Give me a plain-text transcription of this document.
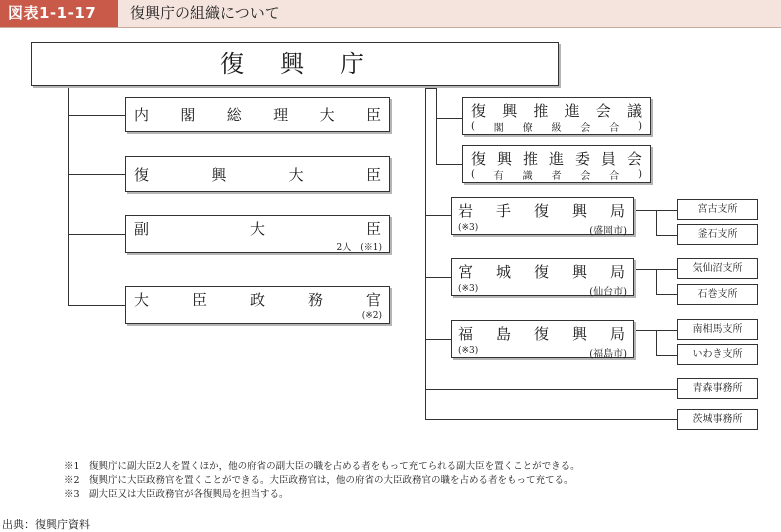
図表1-1-17	復興庁の組織について
復　興　庁
内 閣 総 理 大 臣
復	興	大	臣
副	大	臣
2人　(※1)
大	臣	政	務	官
(※2)
復 興 推 進 会 議
( 閣 僚 級 会 合 )
復 興 推 進 委 員 会
( 有 識 者 会 合 )
岩 手 復 興 局
(※3)	(盛岡市)
宮 城 復 興 局
(※3)	(仙台市)
福 島 復 興 局
(※3)	(福島市)
宮古支所
釜石支所
気仙沼支所
石巻支所
南相馬支所
いわき支所
青森事務所
茨城事務所
※1　復興庁に副大臣2人を置くほか，他の府省の副大臣の職を占める者をもって充てられる副大臣を置くことができる。
※2　復興庁に大臣政務官を置くことができる。大臣政務官は，他の府省の大臣政務官の職を占める者をもって充てる。
※3　副大臣又は大臣政務官が各復興局を担当する。
出典：復興庁資料
